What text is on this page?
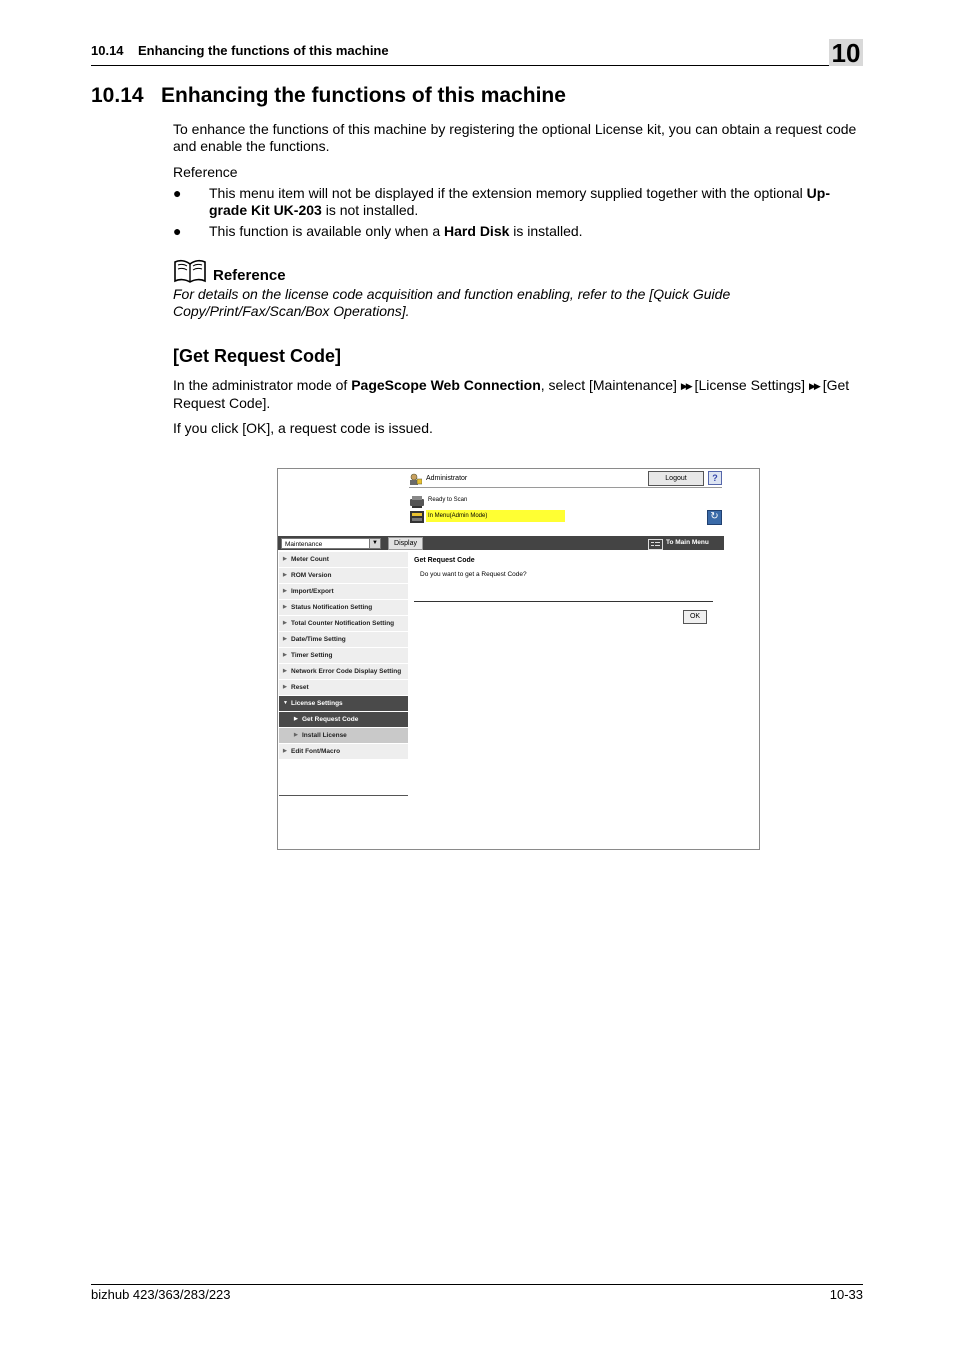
10.14    Enhancing the functions of this machine	10
10.14   Enhancing the functions of this machine
To enhance the functions of this machine by registering the optional License kit, you can obtain a request code and enable the functions.
Reference
● This menu item will not be displayed if the extension memory supplied together with the optional Up-grade Kit UK-203 is not installed.
● This function is available only when a Hard Disk is installed.
Reference
For details on the license code acquisition and function enabling, refer to the [Quick Guide Copy/Print/Fax/Scan/Box Operations].
[Get Request Code]
In the administrator mode of PageScope Web Connection, select [Maintenance] ▶▶ [License Settings] ▶▶ [Get Request Code].
If you click [OK], a request code is issued.
Administrator	Logout	?
Ready to Scan
In Menu(Admin Mode)	↻
Maintenance	▼	Display	To Main Menu
▶ Meter Count
▶ ROM Version
▶ Import/Export
▶ Status Notification Setting
▶ Total Counter Notification Setting
▶ Date/Time Setting
▶ Timer Setting
▶ Network Error Code Display Setting
▶ Reset
▼ License Settings
▶ Get Request Code
▶ Install License
▶ Edit Font/Macro
Get Request Code
Do you want to get a Request Code?
OK
bizhub 423/363/283/223	10-33
